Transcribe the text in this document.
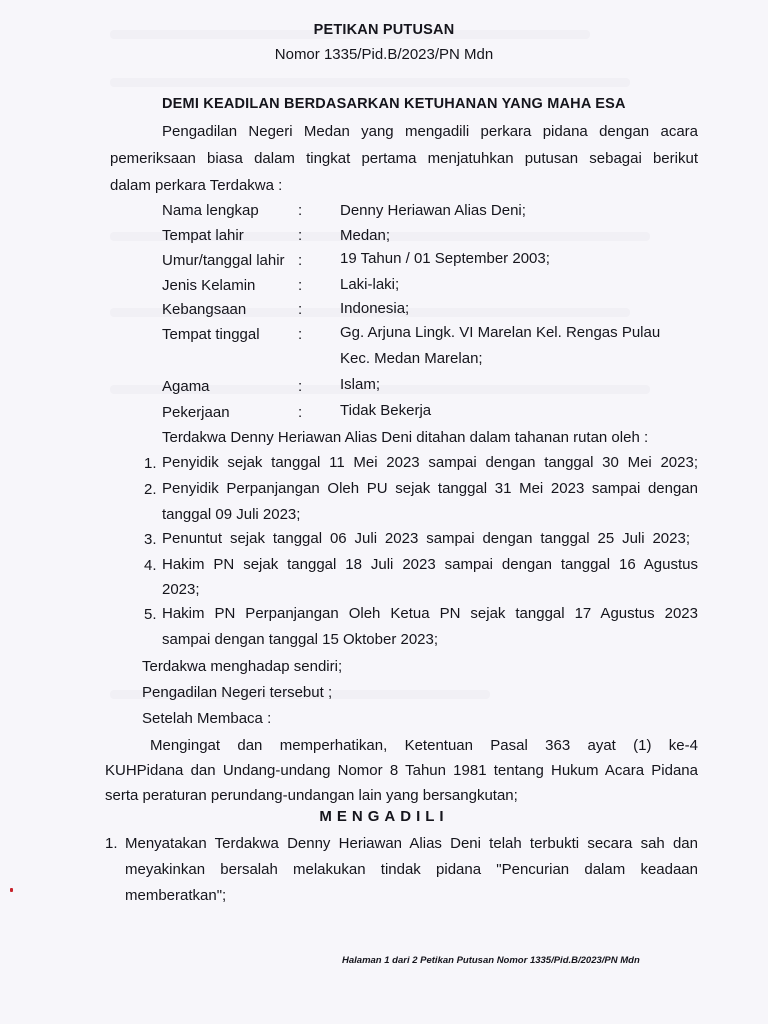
PETIKAN PUTUSAN
Nomor 1335/Pid.B/2023/PN Mdn
DEMI KEADILAN BERDASARKAN KETUHANAN YANG MAHA ESA
Pengadilan Negeri Medan yang mengadili perkara pidana dengan acara
pemeriksaan biasa dalam tingkat pertama menjatuhkan putusan sebagai berikut
dalam perkara Terdakwa :
Nama lengkap	:	Denny Heriawan Alias Deni;
Tempat lahir	:	Medan;
Umur/tanggal lahir :	19 Tahun / 01 September 2003;
Jenis Kelamin	:	Laki-laki;
Kebangsaan	:	Indonesia;
Tempat tinggal	:	Gg. Arjuna Lingk. VI Marelan Kel. Rengas Pulau
Kec. Medan Marelan;
Agama	:	Islam;
Pekerjaan	:	Tidak Bekerja
Terdakwa Denny Heriawan Alias Deni ditahan dalam tahanan rutan oleh :
1. Penyidik sejak tanggal 11 Mei 2023 sampai dengan tanggal 30 Mei 2023;
2. Penyidik Perpanjangan Oleh PU sejak tanggal 31 Mei 2023 sampai dengan
tanggal 09 Juli 2023;
3. Penuntut sejak tanggal 06 Juli 2023 sampai dengan tanggal 25 Juli 2023;
4. Hakim PN sejak tanggal 18 Juli 2023 sampai dengan tanggal 16 Agustus
2023;
5. Hakim PN Perpanjangan Oleh Ketua PN sejak tanggal 17 Agustus 2023
sampai dengan tanggal 15 Oktober 2023;
Terdakwa menghadap sendiri;
Pengadilan Negeri tersebut ;
Setelah Membaca :
Mengingat dan memperhatikan, Ketentuan Pasal 363 ayat (1) ke-4
KUHPidana dan Undang-undang Nomor 8 Tahun 1981 tentang Hukum Acara Pidana
serta peraturan perundang-undangan lain yang bersangkutan;
MENGADILI
1. Menyatakan Terdakwa Denny Heriawan Alias Deni telah terbukti secara sah dan
meyakinkan bersalah melakukan tindak pidana "Pencurian dalam keadaan
memberatkan";
Halaman 1 dari 2 Petikan Putusan Nomor 1335/Pid.B/2023/PN Mdn
